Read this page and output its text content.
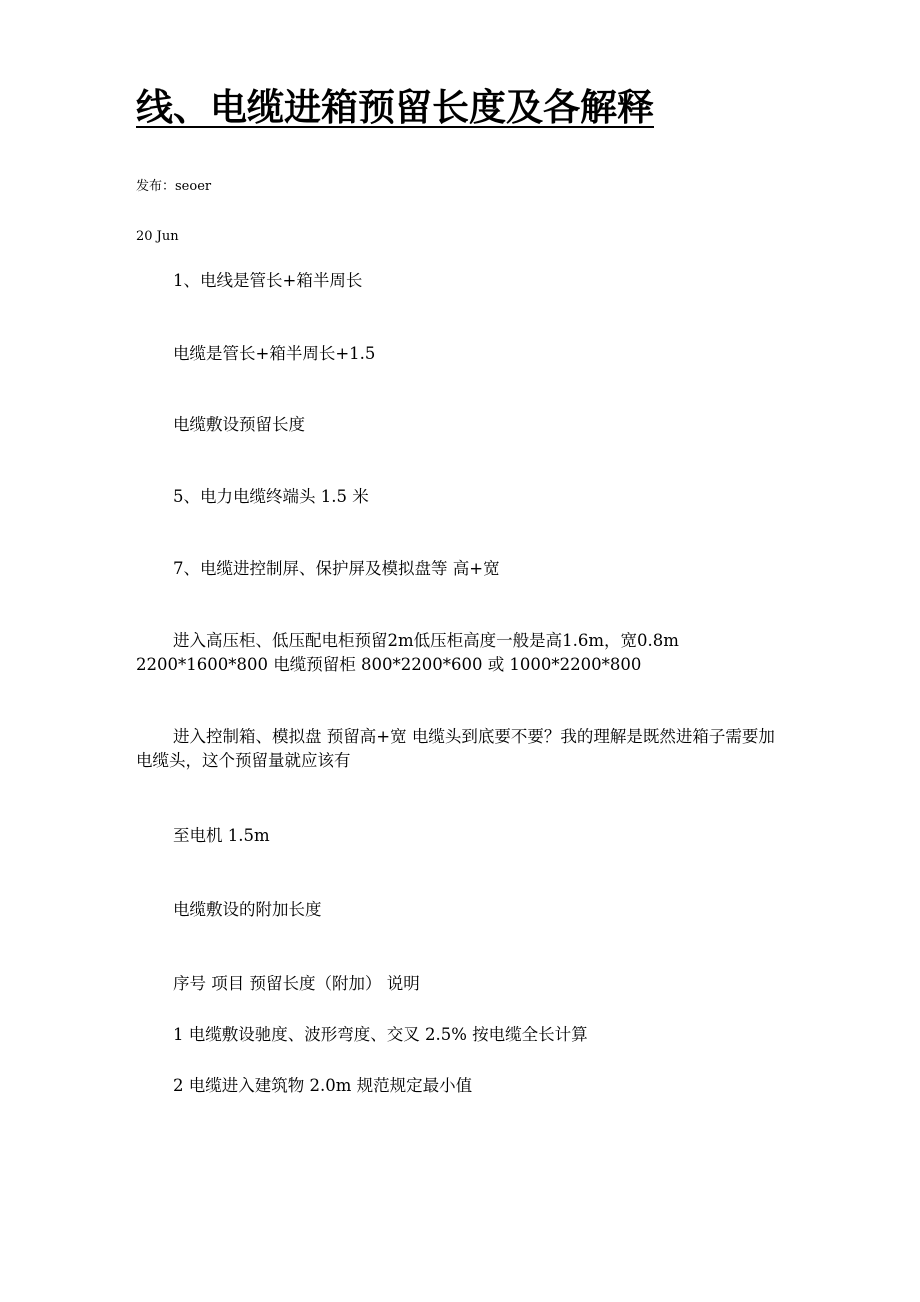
线、电缆进箱预留长度及各解释
发布：seoer
20 Jun

1、电线是管长+箱半周长

电缆是管长+箱半周长+1.5

电缆敷设预留长度

5、电力电缆终端头 1.5 米

7、电缆进控制屏、保护屏及模拟盘等 高+宽

进入高压柜、低压配电柜预留2m低压柜高度一般是高1.6m，宽0.8m 2200*1600*800 电缆预留柜 800*2200*600 或 1000*2200*800

进入控制箱、模拟盘 预留高+宽 电缆头到底要不要？我的理解是既然进箱子需要加电缆头，这个预留量就应该有

至电机 1.5m

电缆敷设的附加长度

序号 项目 预留长度（附加） 说明

1 电缆敷设驰度、波形弯度、交叉 2.5% 按电缆全长计算

2 电缆进入建筑物 2.0m 规范规定最小值
